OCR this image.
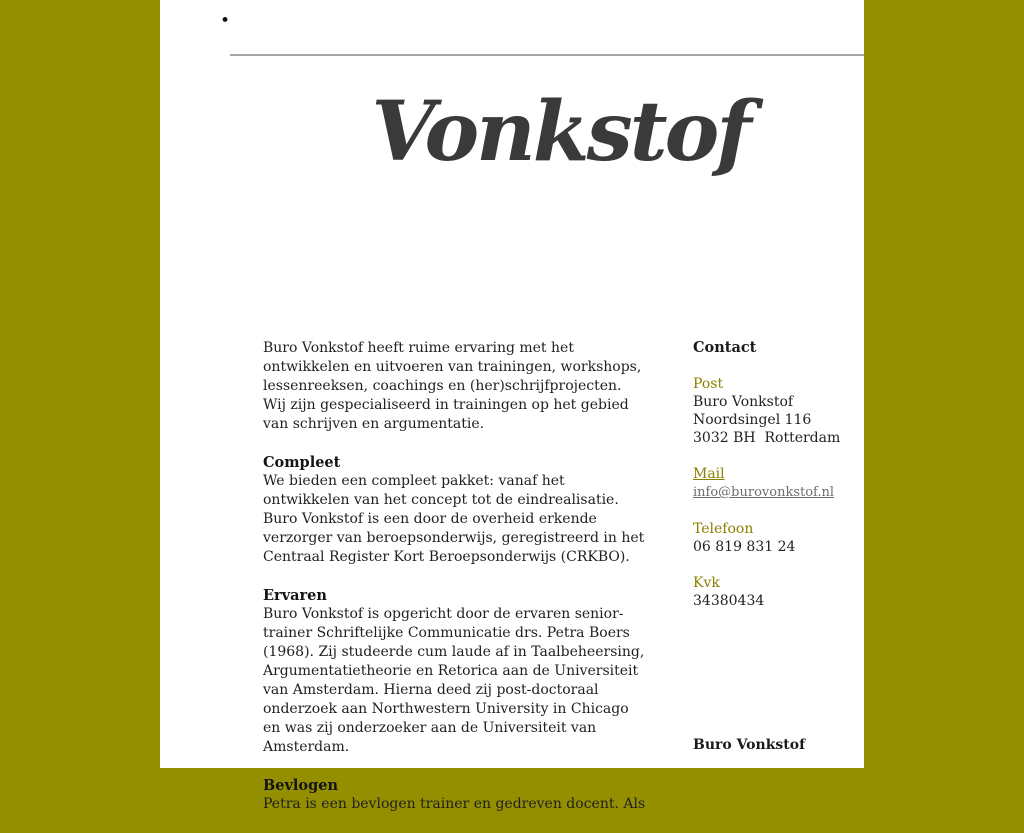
•
Vonkstof

Buro Vonkstof heeft ruime ervaring met het ontwikkelen en uitvoeren van trainingen, workshops, lessenreeksen, coachings en (her)schrijfprojecten. Wij zijn gespecialiseerd in trainingen op het gebied van schrijven en argumentatie.

Compleet

We bieden een compleet pakket: vanaf het ontwikkelen van het concept tot de eindrealisatie. Buro Vonkstof is een door de overheid erkende verzorger van beroepsonderwijs, geregistreerd in het Centraal Register Kort Beroepsonderwijs (CRKBO).

Ervaren

Buro Vonkstof is opgericht door de ervaren senior-trainer Schriftelijke Communicatie drs. Petra Boers (1968). Zij studeerde cum laude af in Taalbeheersing, Argumentatietheorie en Retorica aan de Universiteit van Amsterdam. Hierna deed zij post-doctoraal onderzoek aan Northwestern University in Chicago en was zij onderzoeker aan de Universiteit van Amsterdam.

Bevlogen

Petra is een bevlogen trainer en gedreven docent. Als

Contact
Post
Buro Vonkstof
Noordsingel 116
3032 BH  Rotterdam
Mail
info@burovonkstof.nl
Telefoon
06 819 831 24
Kvk
34380434
Buro Vonkstof
